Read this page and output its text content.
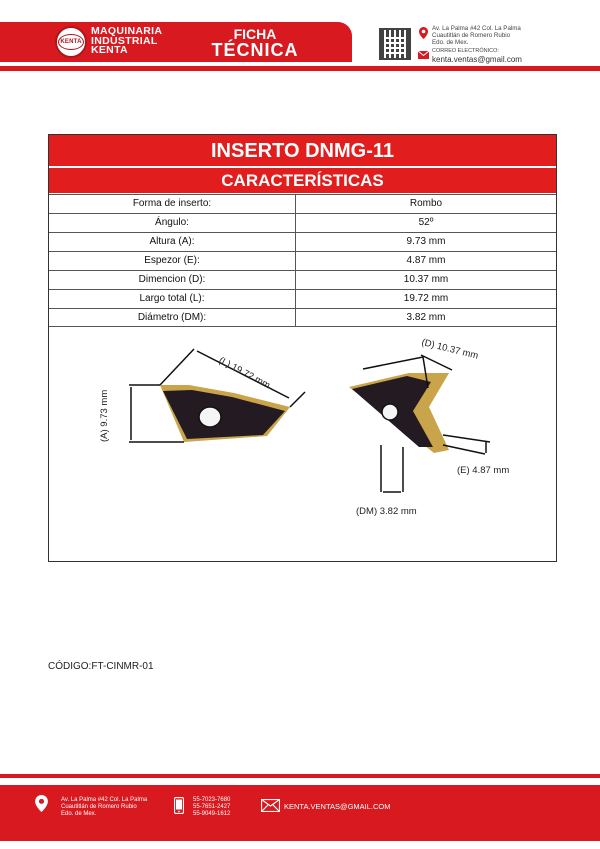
KENTA
MAQUINARIA
INDUSTRIAL
KENTA
FICHA
TÉCNICA
Av. La Palma #42 Col. La Palma
Cuautitlán de Romero Rubio
Edo. de Mex.
CORREO ELECTRÓNICO:
kenta.ventas@gmail.com
INSERTO DNMG-11
CARACTERÍSTICAS
Forma de inserto:	Rombo
Ángulo:	52º
Altura (A):	9.73 mm
Espezor (E):	4.87 mm
Dimencion (D):	10.37 mm
Largo total (L):	19.72 mm
Diámetro (DM):	3.82 mm
(L) 19.72 mm
(A) 9.73 mm
(D) 10.37 mm
(E) 4.87 mm
(DM) 3.82 mm
CÓDIGO:FT-CINMR-01
Av. La Palma #42 Col. La Palma
Cuautitlán de Romero Rubio
Edo. de Mex.
55-7023-7680
55-7651-2427
55-9049-1612
KENTA.VENTAS@GMAIL.COM
